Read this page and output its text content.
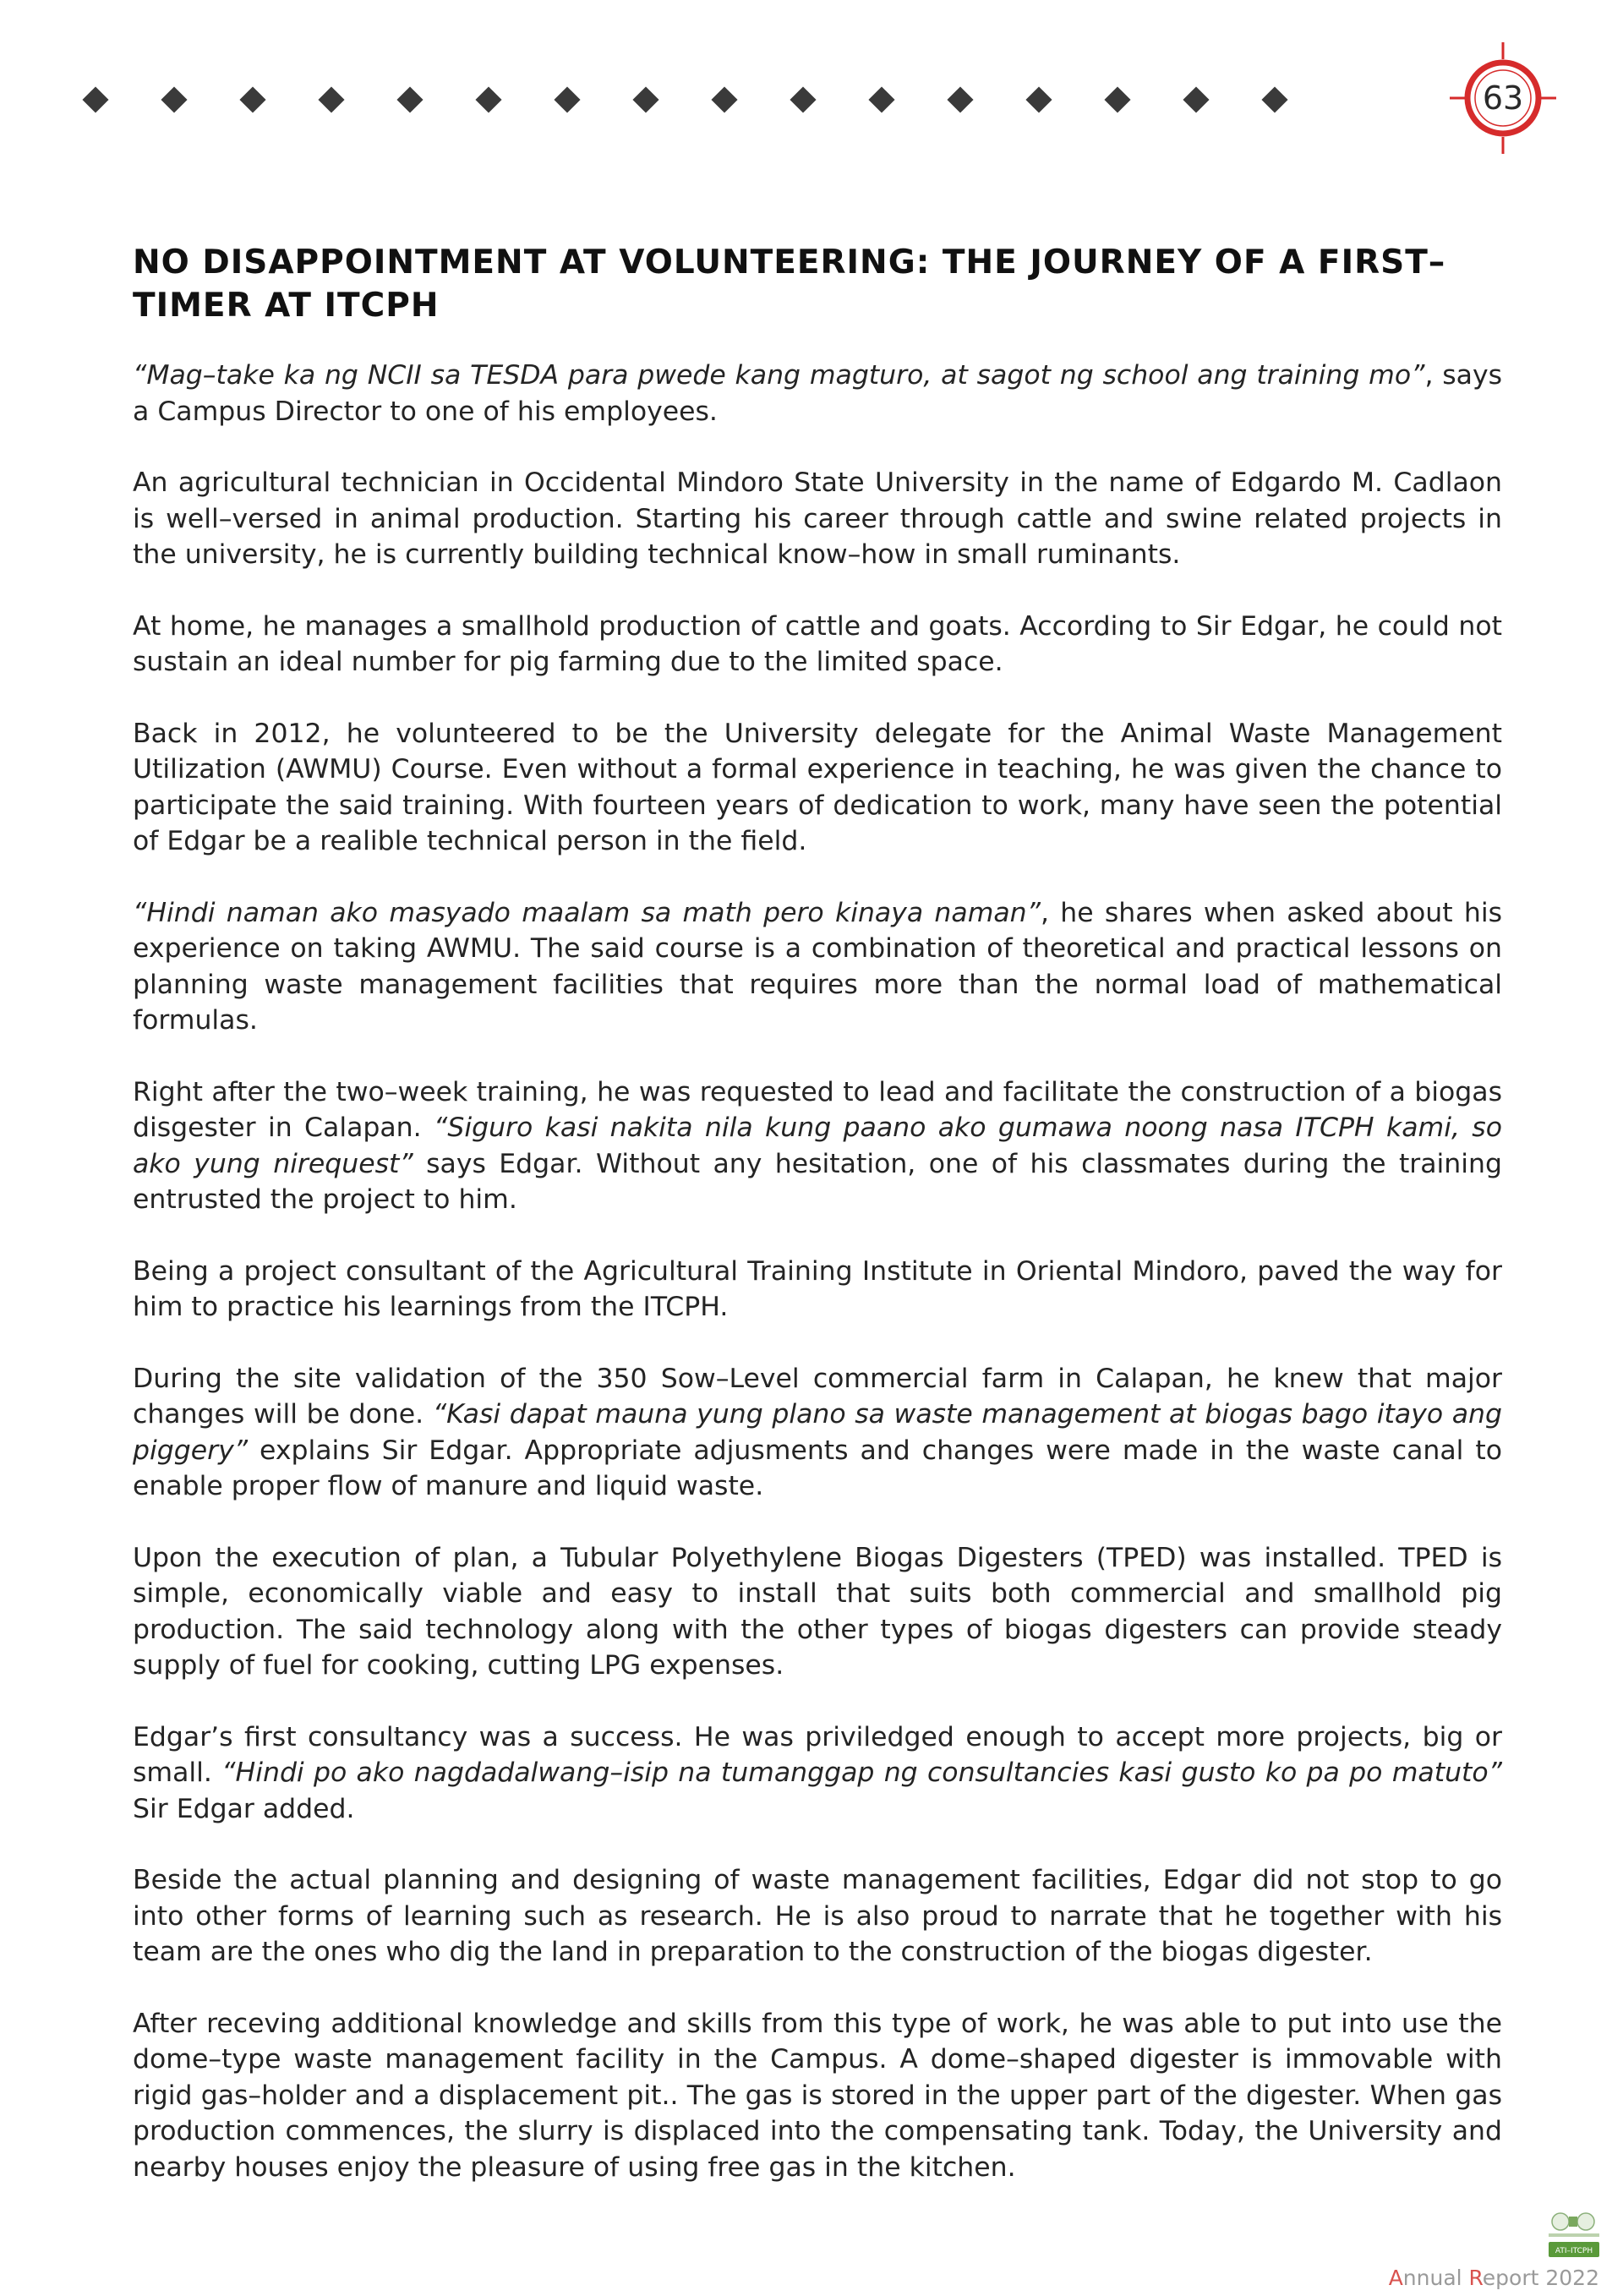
63
NO DISAPPOINTMENT AT VOLUNTEERING: THE JOURNEY OF A FIRST–TIMER AT ITCPH

“Mag–take ka ng NCII sa TESDA para pwede kang magturo, at sagot ng school ang training mo”, says a Campus Director to one of his employees.

An agricultural technician in Occidental Mindoro State University in the name of Edgardo M. Cadlaon is well–versed in animal production. Starting his career through cattle and swine related projects in the university, he is currently building technical know–how in small ruminants.

At home, he manages a smallhold production of cattle and goats. According to Sir Edgar, he could not sustain an ideal number for pig farming due to the limited space.

Back in 2012, he volunteered to be the University delegate for the Animal Waste Management Utilization (AWMU) Course. Even without a formal experience in teaching, he was given the chance to participate the said training. With fourteen years of dedication to work, many have seen the potential of Edgar be a realible technical person in the field.

“Hindi naman ako masyado maalam sa math pero kinaya naman”, he shares when asked about his experience on taking AWMU. The said course is a combination of theoretical and practical lessons on planning waste management facilities that requires more than the normal load of mathematical formulas.

Right after the two–week training, he was requested to lead and facilitate the construction of a biogas disgester in Calapan. “Siguro kasi nakita nila kung paano ako gumawa noong nasa ITCPH kami, so ako yung nirequest” says Edgar. Without any hesitation, one of his classmates during the training entrusted the project to him.

Being a project consultant of the Agricultural Training Institute in Oriental Mindoro, paved the way for him to practice his learnings from the ITCPH.

During the site validation of the 350 Sow–Level commercial farm in Calapan, he knew that major changes will be done. “Kasi dapat mauna yung plano sa waste management at biogas bago itayo ang piggery” explains Sir Edgar. Appropriate adjusments and changes were made in the waste canal to enable proper flow of manure and liquid waste.

Upon the execution of plan, a Tubular Polyethylene Biogas Digesters (TPED) was installed. TPED is simple, economically viable and easy to install that suits both commercial and smallhold pig production. The said technology along with the other types of biogas digesters can provide steady supply of fuel for cooking, cutting LPG expenses.

Edgar’s first consultancy was a success. He was priviledged enough to accept more projects, big or small. “Hindi po ako nagdadalwang–isip na tumanggap ng consultancies kasi gusto ko pa po matuto” Sir Edgar added.

Beside the actual planning and designing of waste management facilities, Edgar did not stop to go into other forms of learning such as research. He is also proud to narrate that he together with his team are the ones who dig the land in preparation to the construction of the biogas digester.

After receving additional knowledge and skills from this type of work, he was able to put into use the dome–type waste management facility in the Campus. A dome–shaped digester is immovable with rigid gas–holder and a displacement pit.. The gas is stored in the upper part of the digester. When gas production commences, the slurry is displaced into the compensating tank. Today, the University and nearby houses enjoy the pleasure of using free gas in the kitchen.

ATI–ITCPH
Annual Report 2022
